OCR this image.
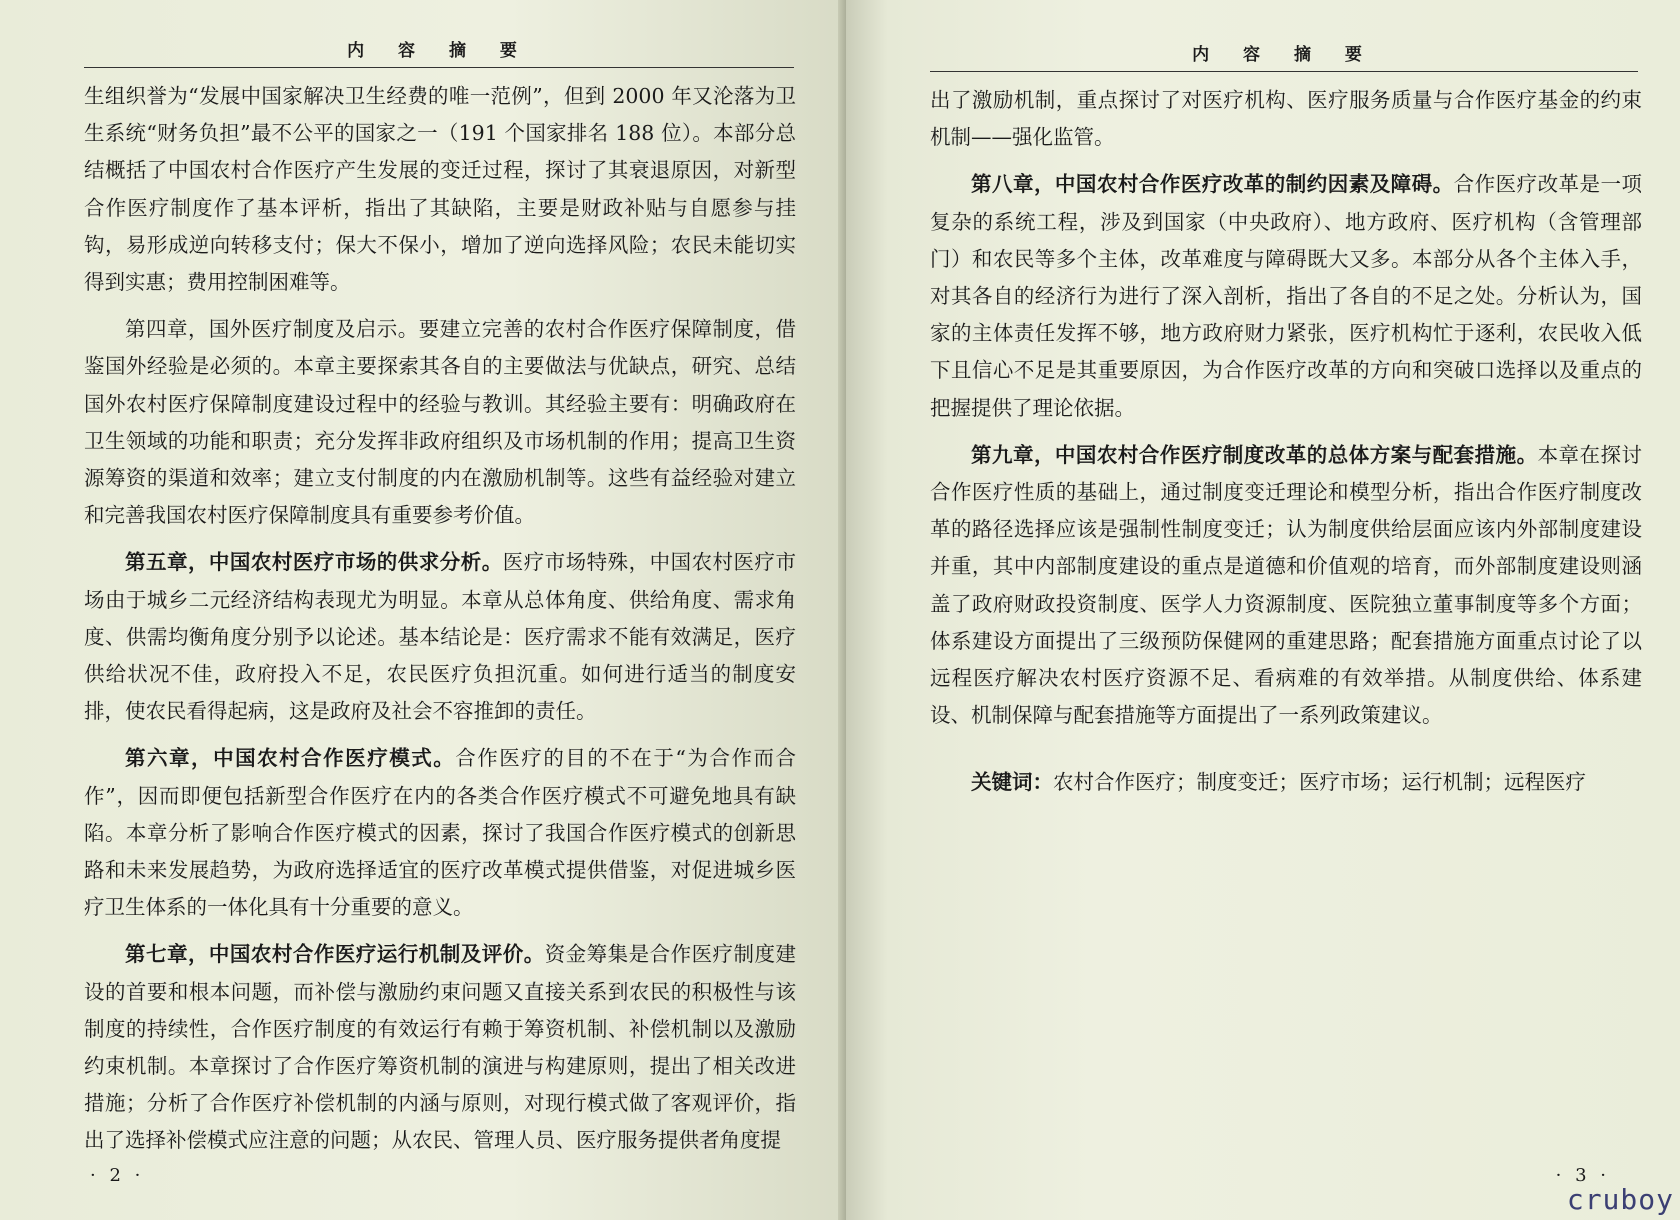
内 容 摘 要

生组织誉为“发展中国家解决卫生经费的唯一范例”，但到 2000 年又沦落为卫生系统“财务负担”最不公平的国家之一（191 个国家排名 188 位）。本部分总结概括了中国农村合作医疗产生发展的变迁过程，探讨了其衰退原因，对新型合作医疗制度作了基本评析，指出了其缺陷，主要是财政补贴与自愿参与挂钩，易形成逆向转移支付；保大不保小，增加了逆向选择风险；农民未能切实得到实惠；费用控制困难等。

第四章，国外医疗制度及启示。要建立完善的农村合作医疗保障制度，借鉴国外经验是必须的。本章主要探索其各自的主要做法与优缺点，研究、总结国外农村医疗保障制度建设过程中的经验与教训。其经验主要有：明确政府在卫生领域的功能和职责；充分发挥非政府组织及市场机制的作用；提高卫生资源筹资的渠道和效率；建立支付制度的内在激励机制等。这些有益经验对建立和完善我国农村医疗保障制度具有重要参考价值。

第五章，中国农村医疗市场的供求分析。医疗市场特殊，中国农村医疗市场由于城乡二元经济结构表现尤为明显。本章从总体角度、供给角度、需求角度、供需均衡角度分别予以论述。基本结论是：医疗需求不能有效满足，医疗供给状况不佳，政府投入不足，农民医疗负担沉重。如何进行适当的制度安排，使农民看得起病，这是政府及社会不容推卸的责任。

第六章，中国农村合作医疗模式。合作医疗的目的不在于“为合作而合作”，因而即便包括新型合作医疗在内的各类合作医疗模式不可避免地具有缺陷。本章分析了影响合作医疗模式的因素，探讨了我国合作医疗模式的创新思路和未来发展趋势，为政府选择适宜的医疗改革模式提供借鉴，对促进城乡医疗卫生体系的一体化具有十分重要的意义。

第七章，中国农村合作医疗运行机制及评价。资金筹集是合作医疗制度建设的首要和根本问题，而补偿与激励约束问题又直接关系到农民的积极性与该制度的持续性，合作医疗制度的有效运行有赖于筹资机制、补偿机制以及激励约束机制。本章探讨了合作医疗筹资机制的演进与构建原则，提出了相关改进措施；分析了合作医疗补偿机制的内涵与原则，对现行模式做了客观评价，指出了选择补偿模式应注意的问题；从农民、管理人员、医疗服务提供者角度提

· 2 ·
内 容 摘 要

出了激励机制，重点探讨了对医疗机构、医疗服务质量与合作医疗基金的约束机制——强化监管。

第八章，中国农村合作医疗改革的制约因素及障碍。合作医疗改革是一项复杂的系统工程，涉及到国家（中央政府）、地方政府、医疗机构（含管理部门）和农民等多个主体，改革难度与障碍既大又多。本部分从各个主体入手，对其各自的经济行为进行了深入剖析，指出了各自的不足之处。分析认为，国家的主体责任发挥不够，地方政府财力紧张，医疗机构忙于逐利，农民收入低下且信心不足是其重要原因，为合作医疗改革的方向和突破口选择以及重点的把握提供了理论依据。

第九章，中国农村合作医疗制度改革的总体方案与配套措施。本章在探讨合作医疗性质的基础上，通过制度变迁理论和模型分析，指出合作医疗制度改革的路径选择应该是强制性制度变迁；认为制度供给层面应该内外部制度建设并重，其中内部制度建设的重点是道德和价值观的培育，而外部制度建设则涵盖了政府财政投资制度、医学人力资源制度、医院独立董事制度等多个方面；体系建设方面提出了三级预防保健网的重建思路；配套措施方面重点讨论了以远程医疗解决农村医疗资源不足、看病难的有效举措。从制度供给、体系建设、机制保障与配套措施等方面提出了一系列政策建议。

关键词：农村合作医疗；制度变迁；医疗市场；运行机制；远程医疗

· 3 ·
cruboy
